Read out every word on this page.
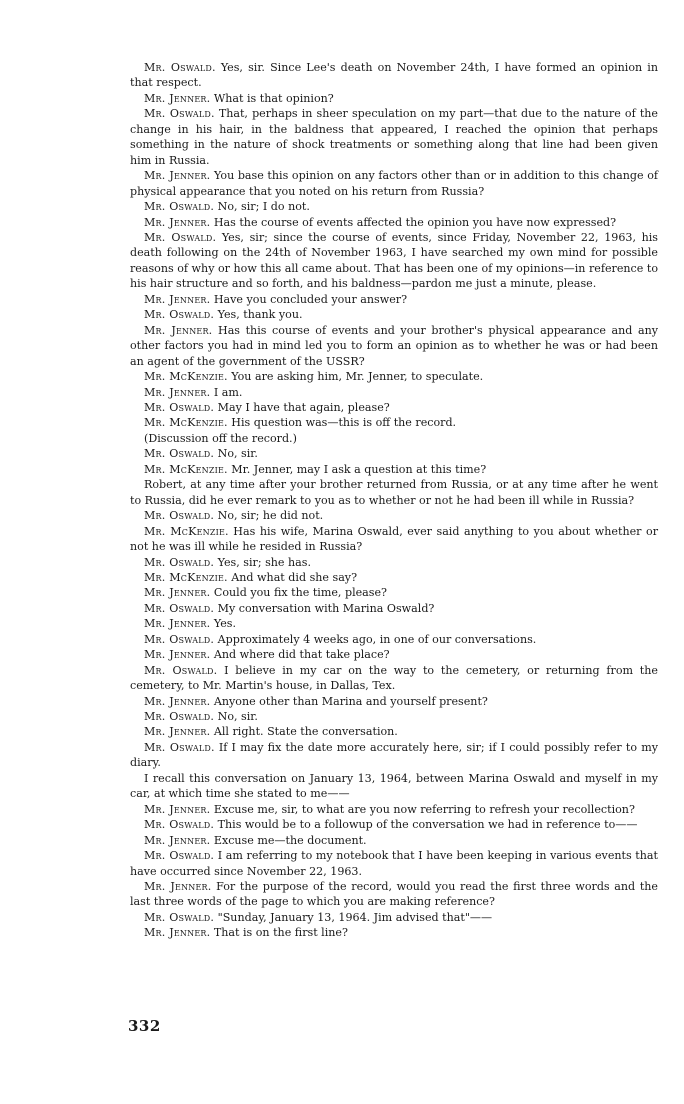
Mr. Oswald. Yes, sir. Since Lee's death on November 24th, I have formed an opinion in that respect.

Mr. Jenner. What is that opinion?

Mr. Oswald. That, perhaps in sheer speculation on my part—that due to the nature of the change in his hair, in the baldness that appeared, I reached the opinion that perhaps something in the nature of shock treatments or something along that line had been given him in Russia.

Mr. Jenner. You base this opinion on any factors other than or in addition to this change of physical appearance that you noted on his return from Russia?

Mr. Oswald. No, sir; I do not.

Mr. Jenner. Has the course of events affected the opinion you have now expressed?

Mr. Oswald. Yes, sir; since the course of events, since Friday, November 22, 1963, his death following on the 24th of November 1963, I have searched my own mind for possible reasons of why or how this all came about. That has been one of my opinions—in reference to his hair structure and so forth, and his baldness—pardon me just a minute, please.

Mr. Jenner. Have you concluded your answer?

Mr. Oswald. Yes, thank you.

Mr. Jenner. Has this course of events and your brother's physical appearance and any other factors you had in mind led you to form an opinion as to whether he was or had been an agent of the government of the USSR?

Mr. McKenzie. You are asking him, Mr. Jenner, to speculate.

Mr. Jenner. I am.

Mr. Oswald. May I have that again, please?

Mr. McKenzie. His question was—this is off the record.

(Discussion off the record.)

Mr. Oswald. No, sir.

Mr. McKenzie. Mr. Jenner, may I ask a question at this time?

Robert, at any time after your brother returned from Russia, or at any time after he went to Russia, did he ever remark to you as to whether or not he had been ill while in Russia?

Mr. Oswald. No, sir; he did not.

Mr. McKenzie. Has his wife, Marina Oswald, ever said anything to you about whether or not he was ill while he resided in Russia?

Mr. Oswald. Yes, sir; she has.

Mr. McKenzie. And what did she say?

Mr. Jenner. Could you fix the time, please?

Mr. Oswald. My conversation with Marina Oswald?

Mr. Jenner. Yes.

Mr. Oswald. Approximately 4 weeks ago, in one of our conversations.

Mr. Jenner. And where did that take place?

Mr. Oswald. I believe in my car on the way to the cemetery, or returning from the cemetery, to Mr. Martin's house, in Dallas, Tex.

Mr. Jenner. Anyone other than Marina and yourself present?

Mr. Oswald. No, sir.

Mr. Jenner. All right. State the conversation.

Mr. Oswald. If I may fix the date more accurately here, sir; if I could possibly refer to my diary.

I recall this conversation on January 13, 1964, between Marina Oswald and myself in my car, at which time she stated to me——

Mr. Jenner. Excuse me, sir, to what are you now referring to refresh your recollection?

Mr. Oswald. This would be to a followup of the conversation we had in reference to——

Mr. Jenner. Excuse me—the document.

Mr. Oswald. I am referring to my notebook that I have been keeping in various events that have occurred since November 22, 1963.

Mr. Jenner. For the purpose of the record, would you read the first three words and the last three words of the page to which you are making reference?

Mr. Oswald. "Sunday, January 13, 1964. Jim advised that"——

Mr. Jenner. That is on the first line?

332
